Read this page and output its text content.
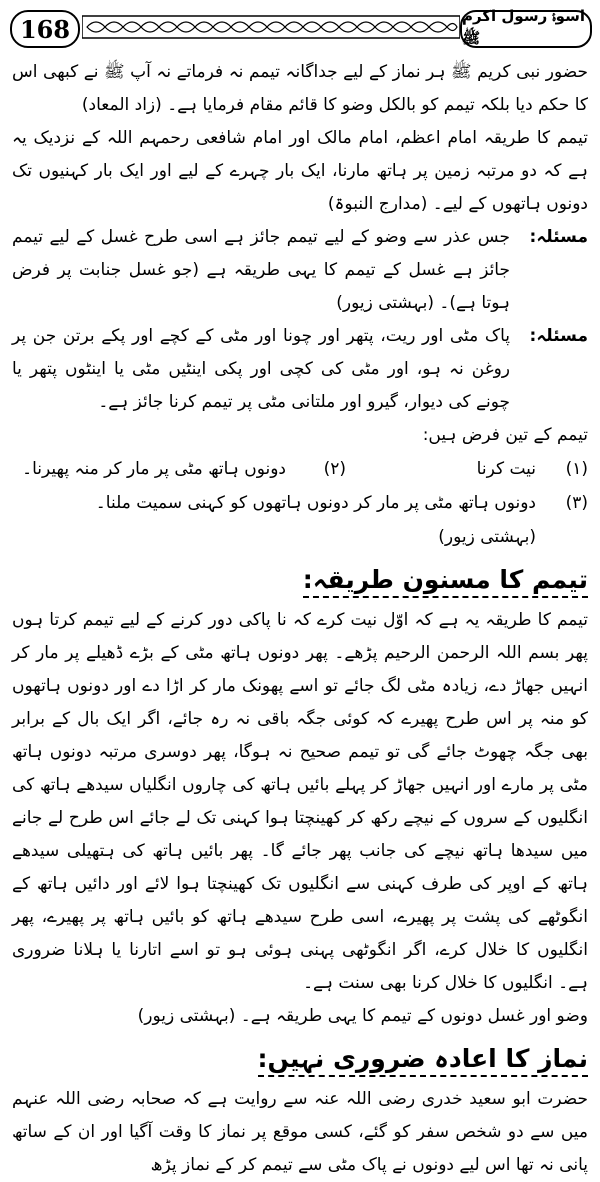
168	اسوۂ رسول اکرم ﷺ

حضور نبی کریم ﷺ ہر نماز کے لیے جداگانہ تیمم نہ فرماتے نہ آپ ﷺ نے کبھی اس کا حکم دیا بلکہ تیمم کو بالکل وضو کا قائم مقام فرمایا ہے۔ (زاد المعاد)

تیمم کا طریقہ امام اعظم، امام مالک اور امام شافعی رحمہم اللہ کے نزدیک یہ ہے کہ دو مرتبہ زمین پر ہاتھ مارنا، ایک بار چہرے کے لیے اور ایک بار کہنیوں تک دونوں ہاتھوں کے لیے۔ (مدارج النبوۃ)

مسئلہ:

جس عذر سے وضو کے لیے تیمم جائز ہے اسی طرح غسل کے لیے تیمم جائز ہے غسل کے تیمم کا یہی طریقہ ہے (جو غسل جنابت پر فرض ہوتا ہے)۔ (بہشتی زیور)

مسئلہ:

پاک مٹی اور ریت، پتھر اور چونا اور مٹی کے کچے اور پکے برتن جن پر روغن نہ ہو، اور مٹی کی کچی اور پکی اینٹیں مٹی یا اینٹوں پتھر یا چونے کی دیوار، گیرو اور ملتانی مٹی پر تیمم کرنا جائز ہے۔

تیمم کے تین فرض ہیں:

(۱)
نیت کرنا
(۲)
دونوں ہاتھ مٹی پر مار کر منہ پھیرنا۔
(۳)
دونوں ہاتھ مٹی پر مار کر دونوں ہاتھوں کو کہنی سمیت ملنا۔ (بہشتی زیور)
تیمم کا مسنون طریقہ:

تیمم کا طریقہ یہ ہے کہ اوّل نیت کرے کہ نا پاکی دور کرنے کے لیے تیمم کرتا ہوں پھر بسم اللہ الرحمن الرحیم پڑھے۔ پھر دونوں ہاتھ مٹی کے بڑے ڈھیلے پر مار کر انہیں جھاڑ دے، زیادہ مٹی لگ جائے تو اسے پھونک مار کر اڑا دے اور دونوں ہاتھوں کو منہ پر اس طرح پھیرے کہ کوئی جگہ باقی نہ رہ جائے، اگر ایک بال کے برابر بھی جگہ چھوٹ جائے گی تو تیمم صحیح نہ ہوگا، پھر دوسری مرتبہ دونوں ہاتھ مٹی پر مارے اور انہیں جھاڑ کر پہلے بائیں ہاتھ کی چاروں انگلیاں سیدھے ہاتھ کی انگلیوں کے سروں کے نیچے رکھ کر کھینچتا ہوا کہنی تک لے جائے اس طرح لے جانے میں سیدھا ہاتھ نیچے کی جانب پھر جائے گا۔ پھر بائیں ہاتھ کی ہتھیلی سیدھے ہاتھ کے اوپر کی طرف کہنی سے انگلیوں تک کھینچتا ہوا لائے اور دائیں ہاتھ کے انگوٹھے کی پشت پر پھیرے، اسی طرح سیدھے ہاتھ کو بائیں ہاتھ پر پھیرے، پھر انگلیوں کا خلال کرے، اگر انگوٹھی پہنی ہوئی ہو تو اسے اتارنا یا ہلانا ضروری ہے۔ انگلیوں کا خلال کرنا بھی سنت ہے۔

وضو اور غسل دونوں کے تیمم کا یہی طریقہ ہے۔ (بہشتی زیور)

نماز کا اعادہ ضروری نہیں:

حضرت ابو سعید خدری رضی اللہ عنہ سے روایت ہے کہ صحابہ رضی اللہ عنہم میں سے دو شخص سفر کو گئے، کسی موقع پر نماز کا وقت آگیا اور ان کے ساتھ پانی نہ تھا اس لیے دونوں نے پاک مٹی سے تیمم کر کے نماز پڑھ
